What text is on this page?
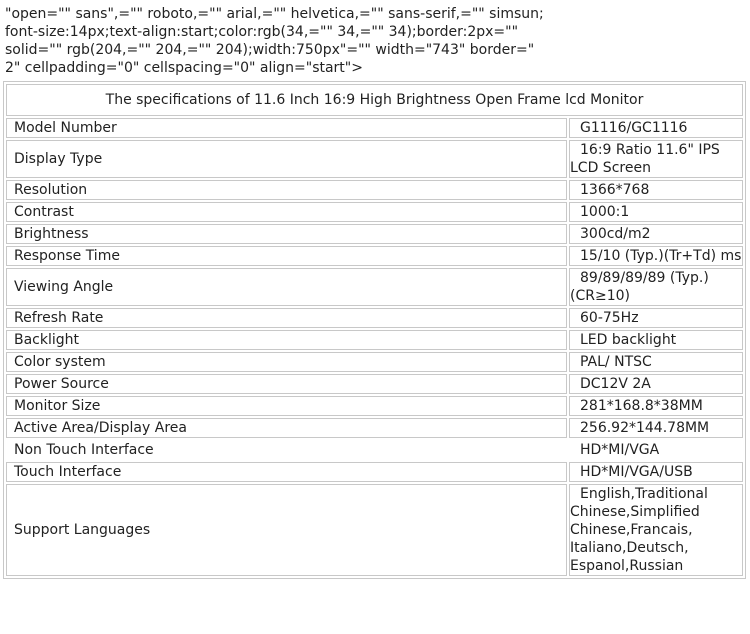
"open="" sans",="" roboto,="" arial,="" helvetica,="" sans-serif,="" simsun;
font-size:14px;text-align:start;color:rgb(34,="" 34,="" 34);border:2px=""
solid="" rgb(204,="" 204,="" 204);width:750px"="" width="743" border="
2" cellpadding="0" cellspacing="0" align="start">
The specifications of 11.6 Inch 16:9 High Brightness Open Frame lcd Monitor	
Model Number	G1116/GC1116
Display Type	16:9 Ratio 11.6" IPS LCD Screen
Resolution	1366*768
Contrast	1000:1
Brightness	300cd/m2
Response Time	15/10 (Typ.)(Tr+Td) ms
Viewing Angle	89/89/89/89 (Typ.)(CR≥10)
Refresh Rate	60-75Hz
Backlight	LED backlight
Color system	PAL/ NTSC
Power Source	DC12V 2A
Monitor Size	281*168.8*38MM
Active Area/Display Area	256.92*144.78MM
Non Touch Interface	HD*MI/VGA
Touch Interface	HD*MI/VGA/USB
Support Languages	English,Traditional Chinese,Simplified Chinese,Francais, Italiano,Deutsch, Espanol,Russian
